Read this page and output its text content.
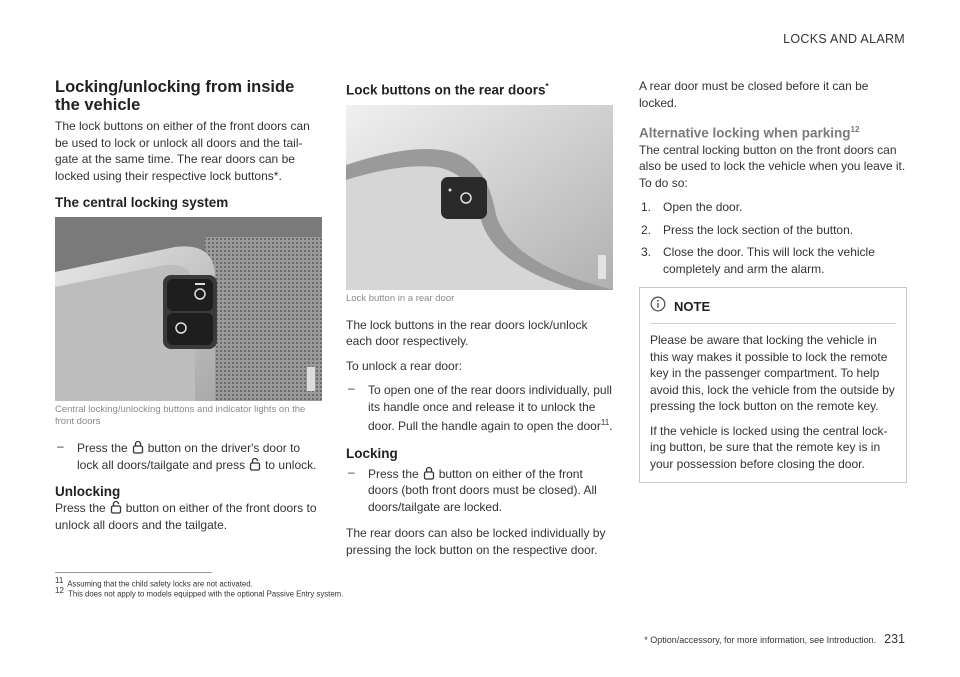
LOCKS AND ALARM
Locking/unlocking from inside the vehicle

The lock buttons on either of the front doors can be used to lock or unlock all doors and the tail-gate at the same time. The rear doors can be locked using their respective lock buttons*.

The central locking system
Central locking/unlocking buttons and indicator lights on the front doors
– Press the button on the driver's door to lock all doors/tailgate and press to unlock.
Unlocking

Press the button on either of the front doors to unlock all doors and the tailgate.

Lock buttons on the rear doors*
Lock button in a rear door

The lock buttons in the rear doors lock/unlock each door respectively.

To unlock a rear door:

– To open one of the rear doors individually, pull its handle once and release it to unlock the door. Pull the handle again to open the door$^{11}$.
Locking
– Press the button on either of the front doors (both front doors must be closed). All doors/tailgate are locked.

The rear doors can also be locked individually by pressing the lock button on the respective door.

A rear door must be closed before it can be locked.

Alternative locking when parking$^{12}$

The central locking button on the front doors can also be used to lock the vehicle when you leave it. To do so:

1. Open the door.
2. Press the lock section of the button.
3. Close the door. This will lock the vehicle completely and arm the alarm.
NOTE

Please be aware that locking the vehicle in this way makes it possible to lock the remote key in the passenger compartment. To help avoid this, lock the vehicle from the outside by pressing the lock button on the remote key.

If the vehicle is locked using the central lock-ing button, be sure that the remote key is in your possession before closing the door.

$^{11}$ Assuming that the child safety locks are not activated.
$^{12}$ This does not apply to models equipped with the optional Passive Entry system.
* Option/accessory, for more information, see Introduction. 231
